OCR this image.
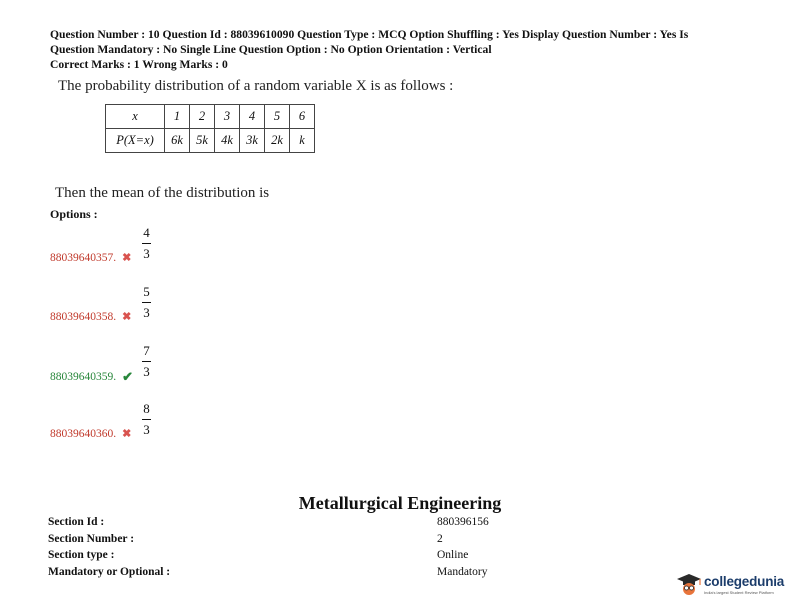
Question Number : 10 Question Id : 88039610090 Question Type : MCQ Option Shuffling : Yes Display Question Number : Yes Is
Question Mandatory : No Single Line Question Option : No Option Orientation : Vertical
Correct Marks : 1 Wrong Marks : 0
The probability distribution of a random variable X is as follows :
x	1	2	3	4	5	6
P(X=x)	6k	5k	4k	3k	2k	k
Then the mean of the distribution is
Options :
4
3
88039640357. ✖
5
3
88039640358. ✖
7
3
88039640359. ✔
8
3
88039640360. ✖
Metallurgical Engineering
Section Id :	880396156
Section Number :	2
Section type :	Online
Mandatory or Optional :	Mandatory
collegedunia
India's largest Student Review Platform
